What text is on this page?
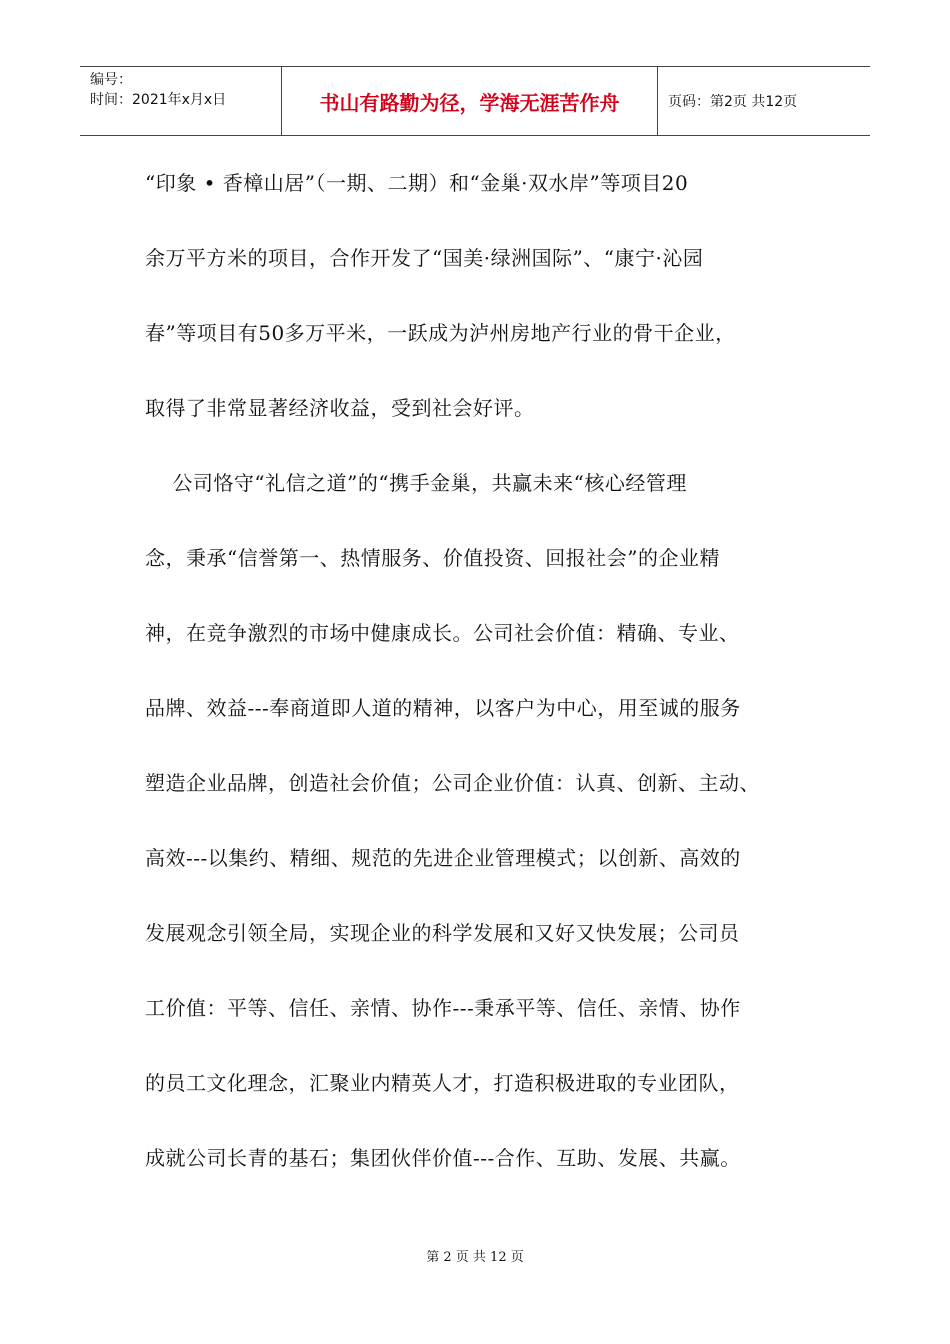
编号：
时间：2021年x月x日	书山有路勤为径，学海无涯苦作舟	页码：第2页 共12页
“印象 • 香樟山居”（一期、二期）和“金巢·双水岸”等项目20
余万平方米的项目，合作开发了“国美·绿洲国际”、“康宁·沁园
春”等项目有50多万平米，一跃成为泸州房地产行业的骨干企业，
取得了非常显著经济收益，受到社会好评。
公司恪守“礼信之道”的“携手金巢，共赢未来“核心经管理
念，秉承“信誉第一、热情服务、价值投资、回报社会”的企业精
神，在竞争激烈的市场中健康成长。公司社会价值：精确、专业、
品牌、效益---奉商道即人道的精神，以客户为中心，用至诚的服务
塑造企业品牌，创造社会价值；公司企业价值：认真、创新、主动、
高效---以集约、精细、规范的先进企业管理模式；以创新、高效的
发展观念引领全局，实现企业的科学发展和又好又快发展；公司员
工价值：平等、信任、亲情、协作---秉承平等、信任、亲情、协作
的员工文化理念，汇聚业内精英人才，打造积极进取的专业团队，
成就公司长青的基石；集团伙伴价值---合作、互助、发展、共赢。
第 2 页 共 12 页
